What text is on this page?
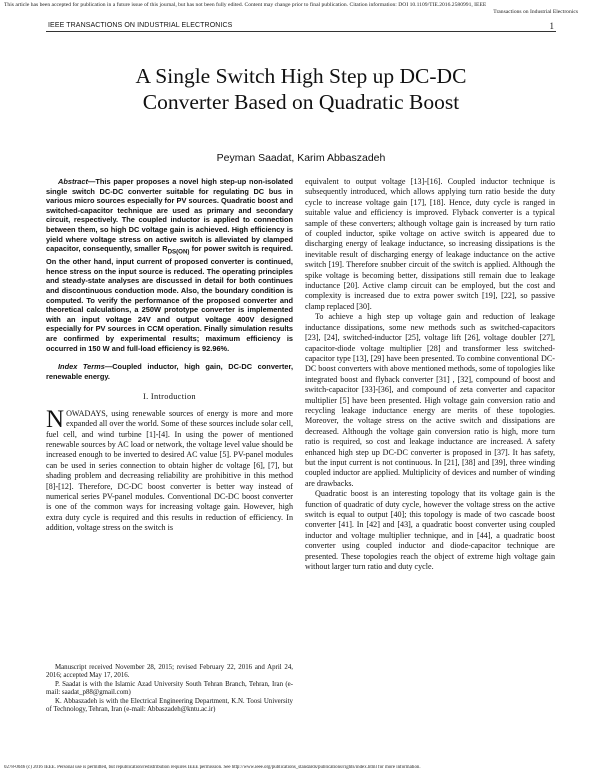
This article has been accepted for publication in a future issue of this journal, but has not been fully edited. Content may change prior to final publication. Citation information: DOI 10.1109/TIE.2016.2580991, IEEE
Transactions on Industrial Electronics
IEEE TRANSACTIONS ON INDUSTRIAL ELECTRONICS	1
A Single Switch High Step up DC-DC
Converter Based on Quadratic Boost
Peyman Saadat, Karim Abbaszadeh

Abstract—This paper proposes a novel high step-up non-isolated single switch DC-DC converter suitable for regulating DC bus in various micro sources especially for PV sources. Quadratic boost and switched-capacitor technique are used as primary and secondary circuit, respectively. The coupled inductor is applied to connection between them, so high DC voltage gain is achieved. High efficiency is yield where voltage stress on active switch is alleviated by clamped capacitor, consequently, smaller $R_{DS(ON)}$ for power switch is required. On the other hand, input current of proposed converter is continued, hence stress on the input source is reduced. The operating principles and steady-state analyses are discussed in detail for both continues and discontinuous conduction mode. Also, the boundary condition is computed. To verify the performance of the proposed converter and theoretical calculations, a 250W prototype converter is implemented with an input voltage 24V and output voltage 400V designed especially for PV sources in CCM operation. Finally simulation results are confirmed by experimental results; maximum efficiency is occurred in 150 W and full-load efficiency is 92.96%.

Index Terms—Coupled inductor, high gain, DC-DC converter, renewable energy.

I. Introduction

NOWADAYS, using renewable sources of energy is more and more expanded all over the world. Some of these sources include solar cell, fuel cell, and wind turbine [1]-[4]. In using the power of mentioned renewable sources by AC load or network, the voltage level value should be increased enough to be inverted to desired AC value [5]. PV-panel modules can be used in series connection to obtain higher dc voltage [6], [7], but shading problem and decreasing reliability are prohibitive in this method [8]-[12]. Therefore, DC-DC boost converter is better way instead of numerical series PV-panel modules. Conventional DC-DC boost converter is one of the common ways for increasing voltage gain. However, high extra duty cycle is required and this results in reduction of efficiency. In addition, voltage stress on the switch is

equivalent to output voltage [13]-[16]. Coupled inductor technique is subsequently introduced, which allows applying turn ratio beside the duty cycle to increase voltage gain [17], [18]. Hence, duty cycle is ranged in suitable value and efficiency is improved. Flyback converter is a typical sample of these converters; although voltage gain is increased by turn ratio of coupled inductor, spike voltage on active switch is appeared due to discharging energy of leakage inductance, so increasing dissipations is the inevitable result of discharging energy of leakage inductance on the active switch [19]. Therefore snubber circuit of the switch is applied. Although the spike voltage is becoming better, dissipations still remain due to leakage inductance [20]. Active clamp circuit can be employed, but the cost and complexity is increased due to extra power switch [19], [22], so passive clamp replaced [30].

To achieve a high step up voltage gain and reduction of leakage inductance dissipations, some new methods such as switched-capacitors [23], [24], switched-inductor [25], voltage lift [26], voltage doubler [27], capacitor-diode voltage multiplier [28] and transformer less switched-capacitor type [13], [29] have been presented. To combine conventional DC-DC boost converters with above mentioned methods, some of topologies like integrated boost and flyback converter [31] , [32], compound of boost and switch-capacitor [33]-[36], and compound of zeta converter and capacitor multiplier [5] have been presented. High voltage gain conversion ratio and recycling leakage inductance energy are merits of these topologies. Moreover, the voltage stress on the active switch and dissipations are decreased. Although the voltage gain conversion ratio is high, more turn ratio is required, so cost and leakage inductance are increased. A safety enhanced high step up DC-DC converter is proposed in [37]. It has safety, but the input current is not continuous. In [21], [38] and [39], three winding coupled inductor are applied. Multiplicity of devices and number of winding are drawbacks.

Quadratic boost is an interesting topology that its voltage gain is the function of quadratic of duty cycle, however the voltage stress on the active switch is equal to output [40]; this topology is made of two cascade boost converter [41]. In [42] and [43], a quadratic boost converter using coupled inductor and voltage multiplier technique, and in [44], a quadratic boost converter using coupled inductor and diode-capacitor technique are presented. These topologies reach the object of extreme high voltage gain without larger turn ratio and duty cycle.

Manuscript received November 28, 2015; revised February 22, 2016 and April 24, 2016; accepted May 17, 2016.

P. Saadat is with the Islamic Azad University South Tehran Branch, Tehran, Iran (e-mail: saadat_p88@gmail.com)

K. Abbaszadeh is with the Electrical Engineering Department, K.N. Toosi University of Technology, Tehran, Iran (e-mail: Abbaszadeh@kntu.ac.ir)

0278-0046 (c) 2016 IEEE. Personal use is permitted, but republication/redistribution requires IEEE permission. See http://www.ieee.org/publications_standards/publications/rights/index.html for more information.
